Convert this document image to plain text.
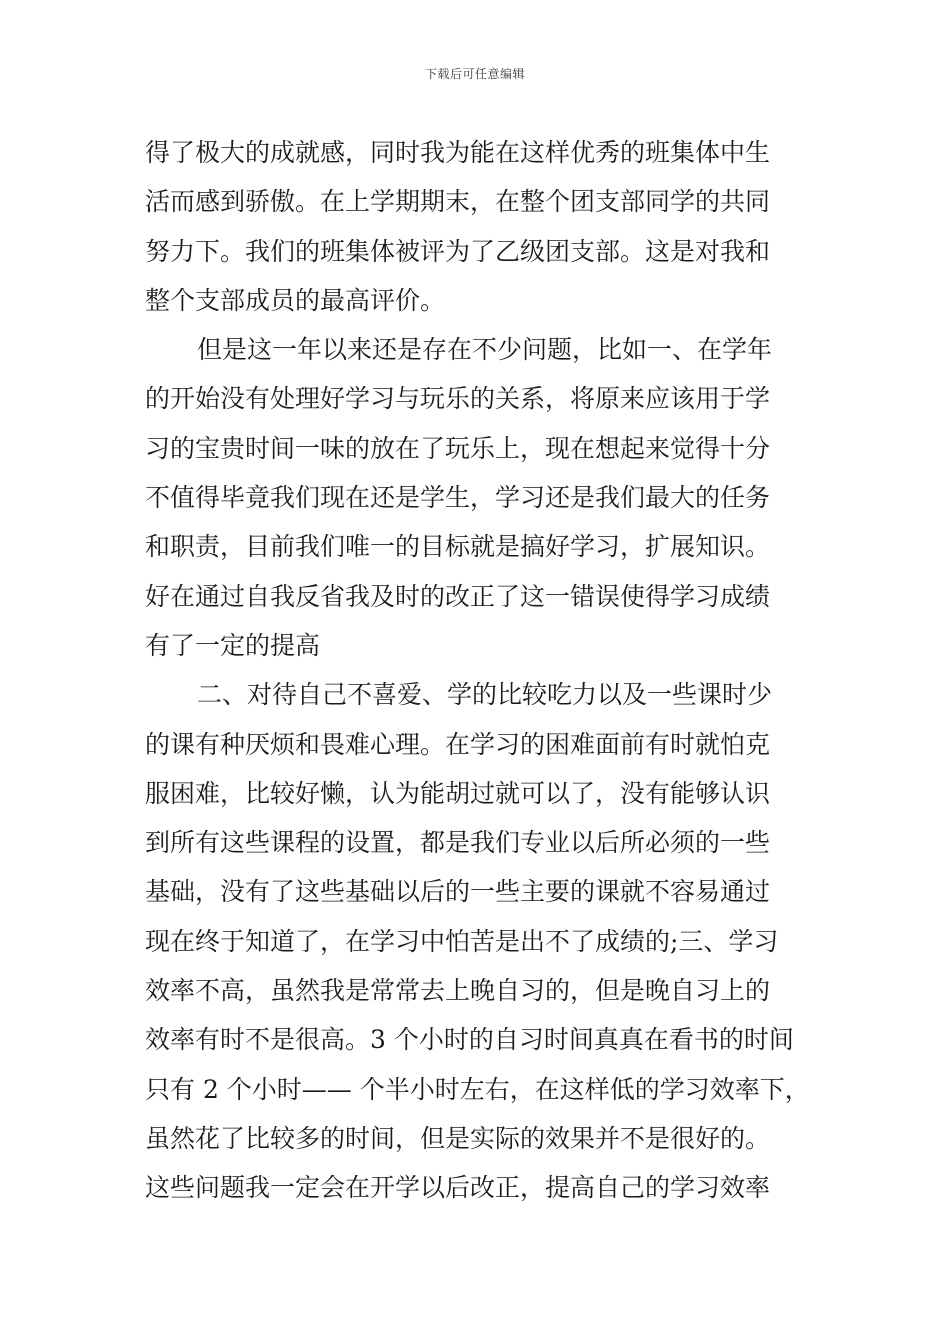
下载后可任意编辑
得了极大的成就感，同时我为能在这样优秀的班集体中生
活而感到骄傲。在上学期期末，在整个团支部同学的共同
努力下。我们的班集体被评为了乙级团支部。这是对我和
整个支部成员的最高评价。
但是这一年以来还是存在不少问题，比如一、在学年
的开始没有处理好学习与玩乐的关系，将原来应该用于学
习的宝贵时间一味的放在了玩乐上，现在想起来觉得十分
不值得毕竟我们现在还是学生，学习还是我们最大的任务
和职责，目前我们唯一的目标就是搞好学习，扩展知识。
好在通过自我反省我及时的改正了这一错误使得学习成绩
有了一定的提高
二、对待自己不喜爱、学的比较吃力以及一些课时少
的课有种厌烦和畏难心理。在学习的困难面前有时就怕克
服困难，比较好懒，认为能胡过就可以了，没有能够认识
到所有这些课程的设置，都是我们专业以后所必须的一些
基础，没有了这些基础以后的一些主要的课就不容易通过
现在终于知道了，在学习中怕苦是出不了成绩的;三、学习
效率不高，虽然我是常常去上晚自习的，但是晚自习上的
效率有时不是很高。3 个小时的自习时间真真在看书的时间
只有 2 个小时—— 个半小时左右，在这样低的学习效率下，
虽然花了比较多的时间，但是实际的效果并不是很好的。
这些问题我一定会在开学以后改正，提高自己的学习效率
